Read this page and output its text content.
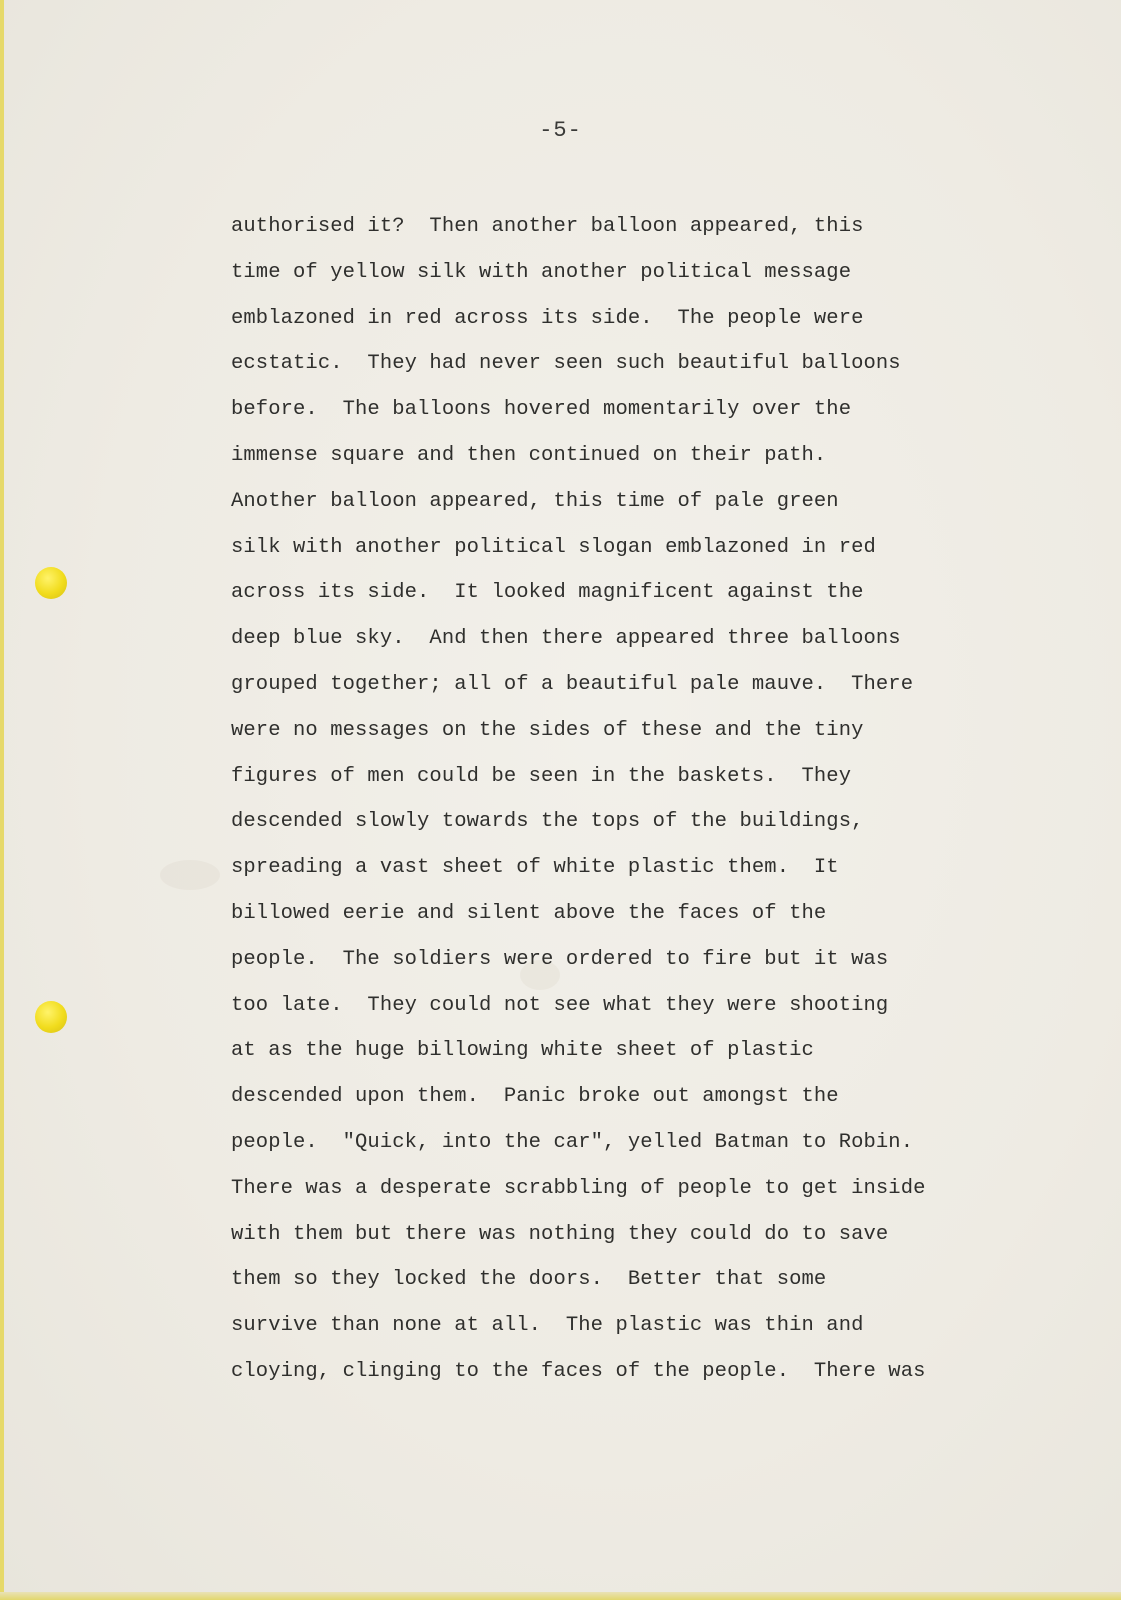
-5-
authorised it?  Then another balloon appeared, this
time of yellow silk with another political message
emblazoned in red across its side.  The people were
ecstatic.  They had never seen such beautiful balloons
before.  The balloons hovered momentarily over the
immense square and then continued on their path.
Another balloon appeared, this time of pale green
silk with another political slogan emblazoned in red
across its side.  It looked magnificent against the
deep blue sky.  And then there appeared three balloons
grouped together; all of a beautiful pale mauve.  There
were no messages on the sides of these and the tiny
figures of men could be seen in the baskets.  They
descended slowly towards the tops of the buildings,
spreading a vast sheet of white plastic them.  It
billowed eerie and silent above the faces of the
people.  The soldiers were ordered to fire but it was
too late.  They could not see what they were shooting
at as the huge billowing white sheet of plastic
descended upon them.  Panic broke out amongst the
people.  "Quick, into the car", yelled Batman to Robin.
There was a desperate scrabbling of people to get inside
with them but there was nothing they could do to save
them so they locked the doors.  Better that some
survive than none at all.  The plastic was thin and
cloying, clinging to the faces of the people.  There was
